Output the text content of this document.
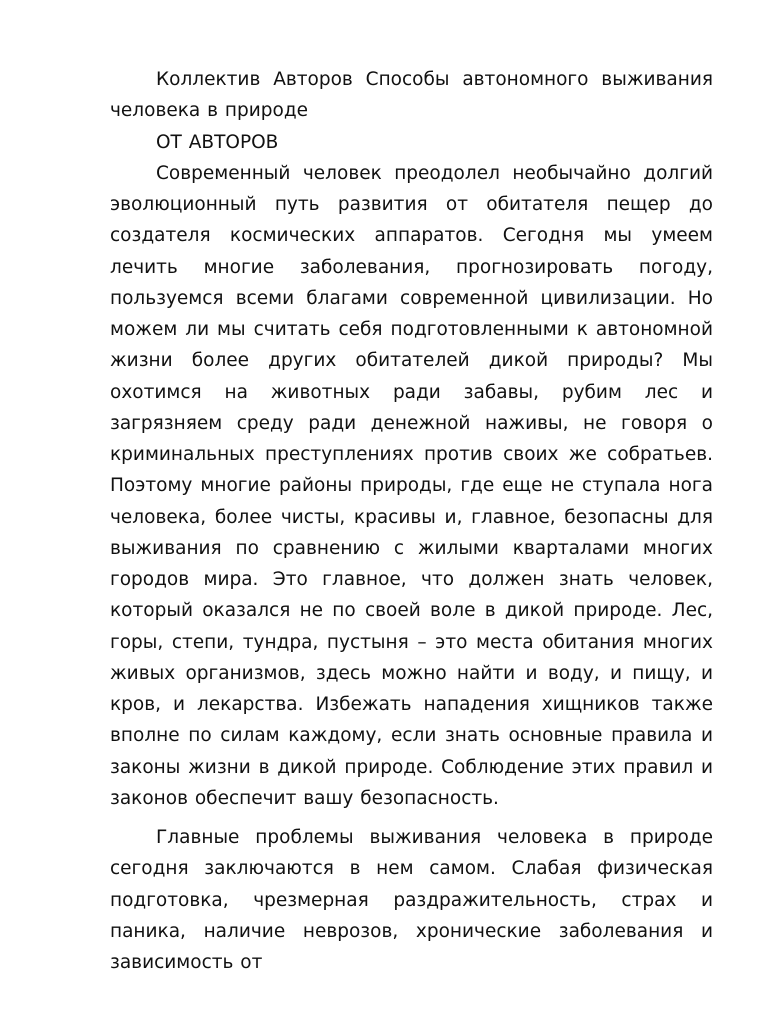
Коллектив Авторов Способы автономного выживания человека в природе

ОТ АВТОРОВ

Современный человек преодолел необычайно долгий эволюционный путь развития от обитателя пещер до создателя космических аппаратов. Сегодня мы умеем лечить многие заболевания, прогнозировать погоду, пользуемся всеми благами современной цивилизации. Но можем ли мы считать себя подготовленными к автономной жизни более других обитателей дикой природы? Мы охотимся на животных ради забавы, рубим лес и загрязняем среду ради денежной наживы, не говоря о криминальных преступлениях против своих же собратьев. Поэтому многие районы природы, где еще не ступала нога человека, более чисты, красивы и, главное, безопасны для выживания по сравнению с жилыми кварталами многих городов мира. Это главное, что должен знать человек, который оказался не по своей воле в дикой природе. Лес, горы, степи, тундра, пустыня – это места обитания многих живых организмов, здесь можно найти и воду, и пищу, и кров, и лекарства. Избежать нападения хищников также вполне по силам каждому, если знать основные правила и законы жизни в дикой природе. Соблюдение этих правил и законов обеспечит вашу безопасность.

Главные проблемы выживания человека в природе сегодня заключаются в нем самом. Слабая физическая подготовка, чрезмерная раздражительность, страх и паника, наличие неврозов, хронические заболевания и зависимость от
